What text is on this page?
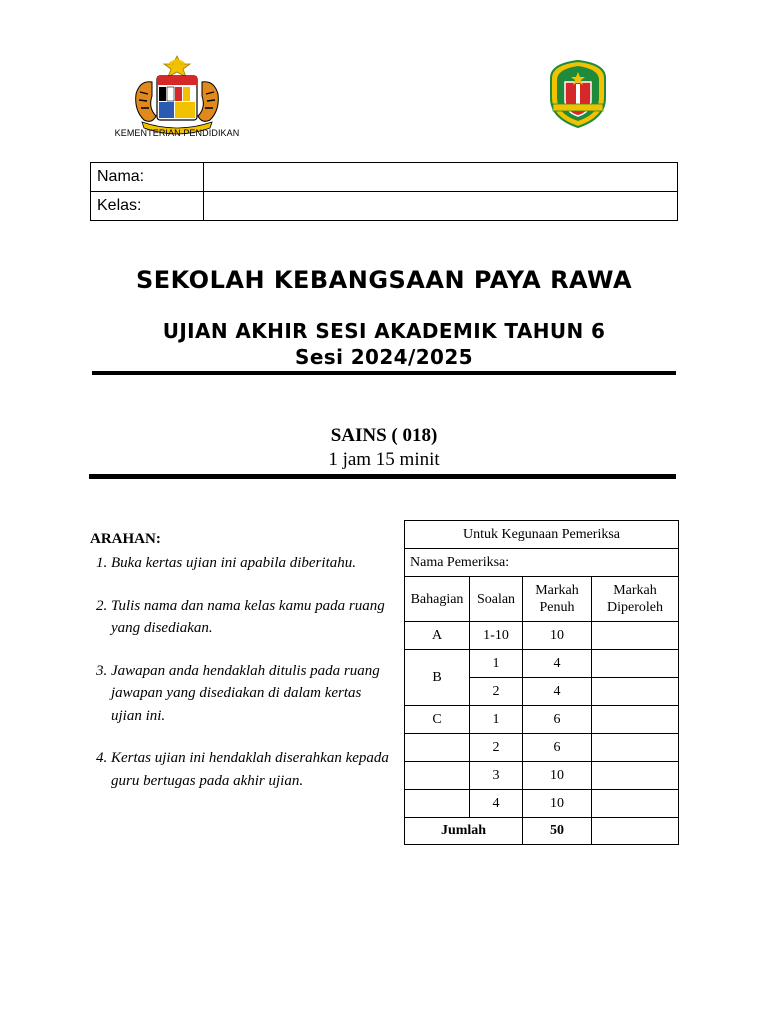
KEMENTERIAN PENDIDIKAN
Nama:	
Kelas:	
SEKOLAH KEBANGSAAN PAYA RAWA
UJIAN AKHIR SESI AKADEMIK TAHUN 6
Sesi 2024/2025
SAINS ( 018)
1 jam 15 minit
ARAHAN:
1. Buka kertas ujian ini apabila diberitahu.
2. Tulis nama dan nama kelas kamu pada ruang yang disediakan.
3. Jawapan anda hendaklah ditulis pada ruang jawapan yang disediakan di dalam kertas ujian ini.
4. Kertas ujian ini hendaklah diserahkan kepada guru bertugas pada akhir ujian.
Untuk Kegunaan Pemeriksa			
Nama Pemeriksa:			
Bahagian	Soalan	Markah Penuh	Markah Diperoleh
A	1-10	10	
B	1	4	
	2	4	
C	1	6	
	2	6	
	3	10	
	4	10	
Jumlah		50	
